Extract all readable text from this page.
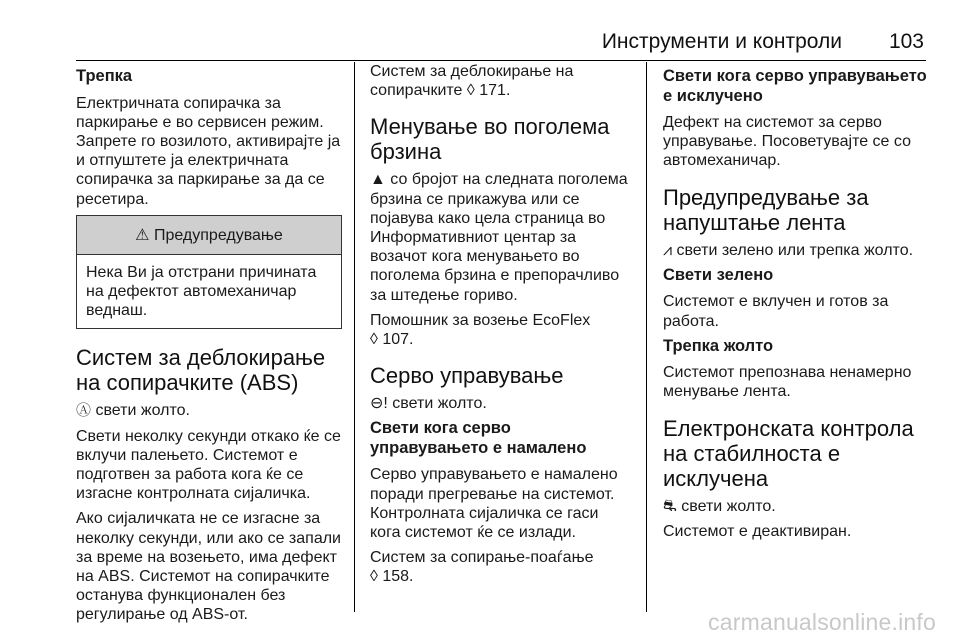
Инструменти и контроли 103
Трепка

Електричната сопирачка за паркирање е во сервисен режим. Запрете го возилото, активирајте ја и отпуштете ја електричната сопирачка за паркирање за да се ресетира.

⚠ Предупредување
Нека Ви ја отстрани причината на дефектот автомеханичар веднаш.
Систем за деблокирање на сопирачките (ABS)

Ⓐ свети жолто.

Свети неколку секунди откако ќе се вклучи палењето. Системот е подготвен за работа кога ќе се изгасне контролната сијаличка.

Ако сијаличката не се изгасне за неколку секунди, или ако се запали за време на возењето, има дефект на ABS. Системот на сопирачките останува функционален без регулирање од ABS-от.

Систем за деблокирање на сопирачките ◊ 171.

Менување во поголема брзина

▲ со бројот на следната поголема брзина се прикажува или се појавува како цела страница во Информативниот центар за возачот кога менувањето во поголема брзина е препорачливо за штедење гориво.

Помошник за возење EcoFlex
◊ 107.

Серво управување

⊖! свети жолто.

Свети кога серво управувањето е намалено

Серво управувањето е намалено поради прегревање на системот. Контролната сијаличка се гаси кога системот ќе се излади.

Систем за сопирање-поаѓање
◊ 158.

Свети кога серво управувањето е исклучено

Дефект на системот за серво управување. Посоветувајте се со автомеханичар.

Предупредување за напуштање лента

⩘ свети зелено или трепка жолто.

Свети зелено

Системот е вклучен и готов за работа.

Трепка жолто

Системот препознава ненамерно менување лента.

Електронската контрола на стабилноста е исклучена

⛐ свети жолто.

Системот е деактивиран.

carmanualsonline.info
